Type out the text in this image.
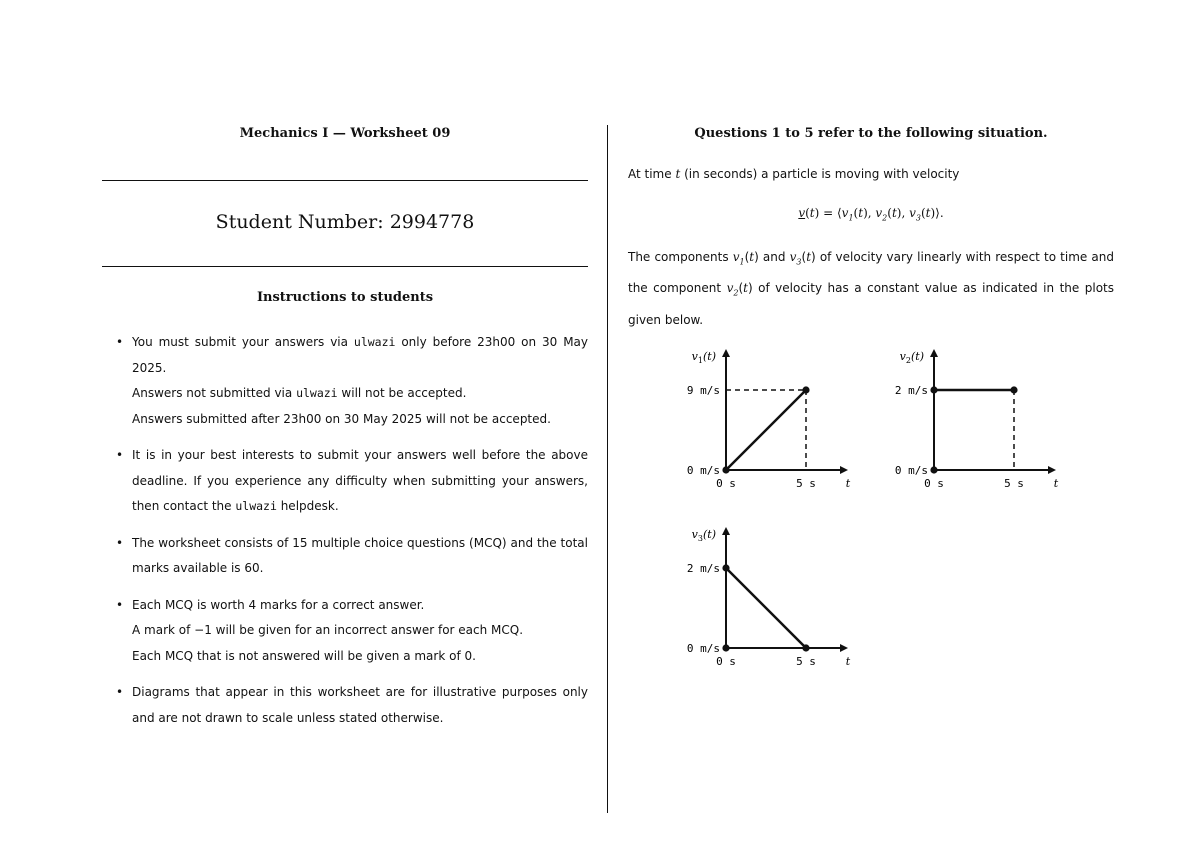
Mechanics I — Worksheet 09
Student Number: 2994778
Instructions to students
• You must submit your answers via ulwazi only before 23h00 on 30 May 2025.
Answers not submitted via ulwazi will not be accepted.
Answers submitted after 23h00 on 30 May 2025 will not be accepted.
• It is in your best interests to submit your answers well before the above deadline. If you experience any difficulty when submitting your answers, then contact the ulwazi helpdesk.
• The worksheet consists of 15 multiple choice questions (MCQ) and the total marks available is 60.
• Each MCQ is worth 4 marks for a correct answer.
A mark of −1 will be given for an incorrect answer for each MCQ.
Each MCQ that is not answered will be given a mark of 0.
• Diagrams that appear in this worksheet are for illustrative purposes only and are not drawn to scale unless stated otherwise.
Questions 1 to 5 refer to the following situation.
At time t (in seconds) a particle is moving with velocity
$v(t) = ⟨v_1(t)$, $v_2(t)$, $v_3(t)⟩$.
The components $v_1(t)$ and $v_3(t)$ of velocity vary linearly with respect to time and the component $v_2(t)$ of velocity has a constant value as indicated in the plots given below.
$v_1(t)$
t
0 s	5 s
0 m/s
9 m/s
$v_2(t)$
t
0 s	5 s
0 m/s
2 m/s
$v_3(t)$
t
0 s	5 s
0 m/s
2 m/s
